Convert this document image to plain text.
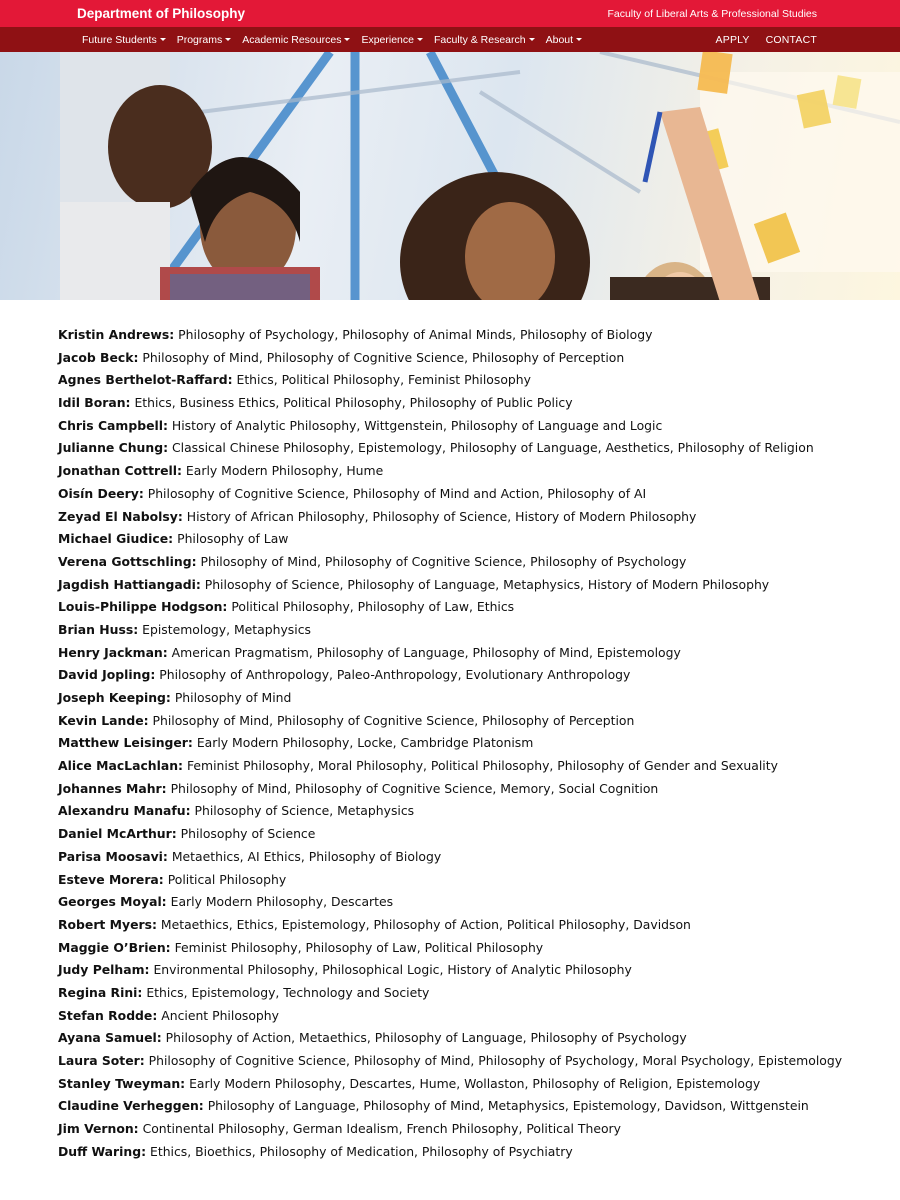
Department of Philosophy	Faculty of Liberal Arts & Professional Studies
Future Students Programs Academic Resources Experience Faculty & Research About	APPLY CONTACT
Kristin Andrews: Philosophy of Psychology, Philosophy of Animal Minds, Philosophy of Biology
Jacob Beck: Philosophy of Mind, Philosophy of Cognitive Science, Philosophy of Perception
Agnes Berthelot-Raffard: Ethics, Political Philosophy, Feminist Philosophy
Idil Boran: Ethics, Business Ethics, Political Philosophy, Philosophy of Public Policy
Chris Campbell: History of Analytic Philosophy, Wittgenstein, Philosophy of Language and Logic
Julianne Chung: Classical Chinese Philosophy, Epistemology, Philosophy of Language, Aesthetics, Philosophy of Religion
Jonathan Cottrell: Early Modern Philosophy, Hume
Oisín Deery: Philosophy of Cognitive Science, Philosophy of Mind and Action, Philosophy of AI
Zeyad El Nabolsy: History of African Philosophy, Philosophy of Science, History of Modern Philosophy
Michael Giudice: Philosophy of Law
Verena Gottschling: Philosophy of Mind, Philosophy of Cognitive Science, Philosophy of Psychology
Jagdish Hattiangadi: Philosophy of Science, Philosophy of Language, Metaphysics, History of Modern Philosophy
Louis-Philippe Hodgson: Political Philosophy, Philosophy of Law, Ethics
Brian Huss: Epistemology, Metaphysics
Henry Jackman: American Pragmatism, Philosophy of Language, Philosophy of Mind, Epistemology
David Jopling: Philosophy of Anthropology, Paleo-Anthropology, Evolutionary Anthropology
Joseph Keeping: Philosophy of Mind
Kevin Lande: Philosophy of Mind, Philosophy of Cognitive Science, Philosophy of Perception
Matthew Leisinger: Early Modern Philosophy, Locke, Cambridge Platonism
Alice MacLachlan: Feminist Philosophy, Moral Philosophy, Political Philosophy, Philosophy of Gender and Sexuality
Johannes Mahr: Philosophy of Mind, Philosophy of Cognitive Science, Memory, Social Cognition
Alexandru Manafu: Philosophy of Science, Metaphysics
Daniel McArthur: Philosophy of Science
Parisa Moosavi: Metaethics, AI Ethics, Philosophy of Biology
Esteve Morera: Political Philosophy
Georges Moyal: Early Modern Philosophy, Descartes
Robert Myers: Metaethics, Ethics, Epistemology, Philosophy of Action, Political Philosophy, Davidson
Maggie O’Brien: Feminist Philosophy, Philosophy of Law, Political Philosophy
Judy Pelham: Environmental Philosophy, Philosophical Logic, History of Analytic Philosophy
Regina Rini: Ethics, Epistemology, Technology and Society
Stefan Rodde: Ancient Philosophy
Ayana Samuel: Philosophy of Action, Metaethics, Philosophy of Language, Philosophy of Psychology
Laura Soter: Philosophy of Cognitive Science, Philosophy of Mind, Philosophy of Psychology, Moral Psychology, Epistemology
Stanley Tweyman: Early Modern Philosophy, Descartes, Hume, Wollaston, Philosophy of Religion, Epistemology
Claudine Verheggen: Philosophy of Language, Philosophy of Mind, Metaphysics, Epistemology, Davidson, Wittgenstein
Jim Vernon: Continental Philosophy, German Idealism, French Philosophy, Political Theory
Duff Waring: Ethics, Bioethics, Philosophy of Medication, Philosophy of Psychiatry
